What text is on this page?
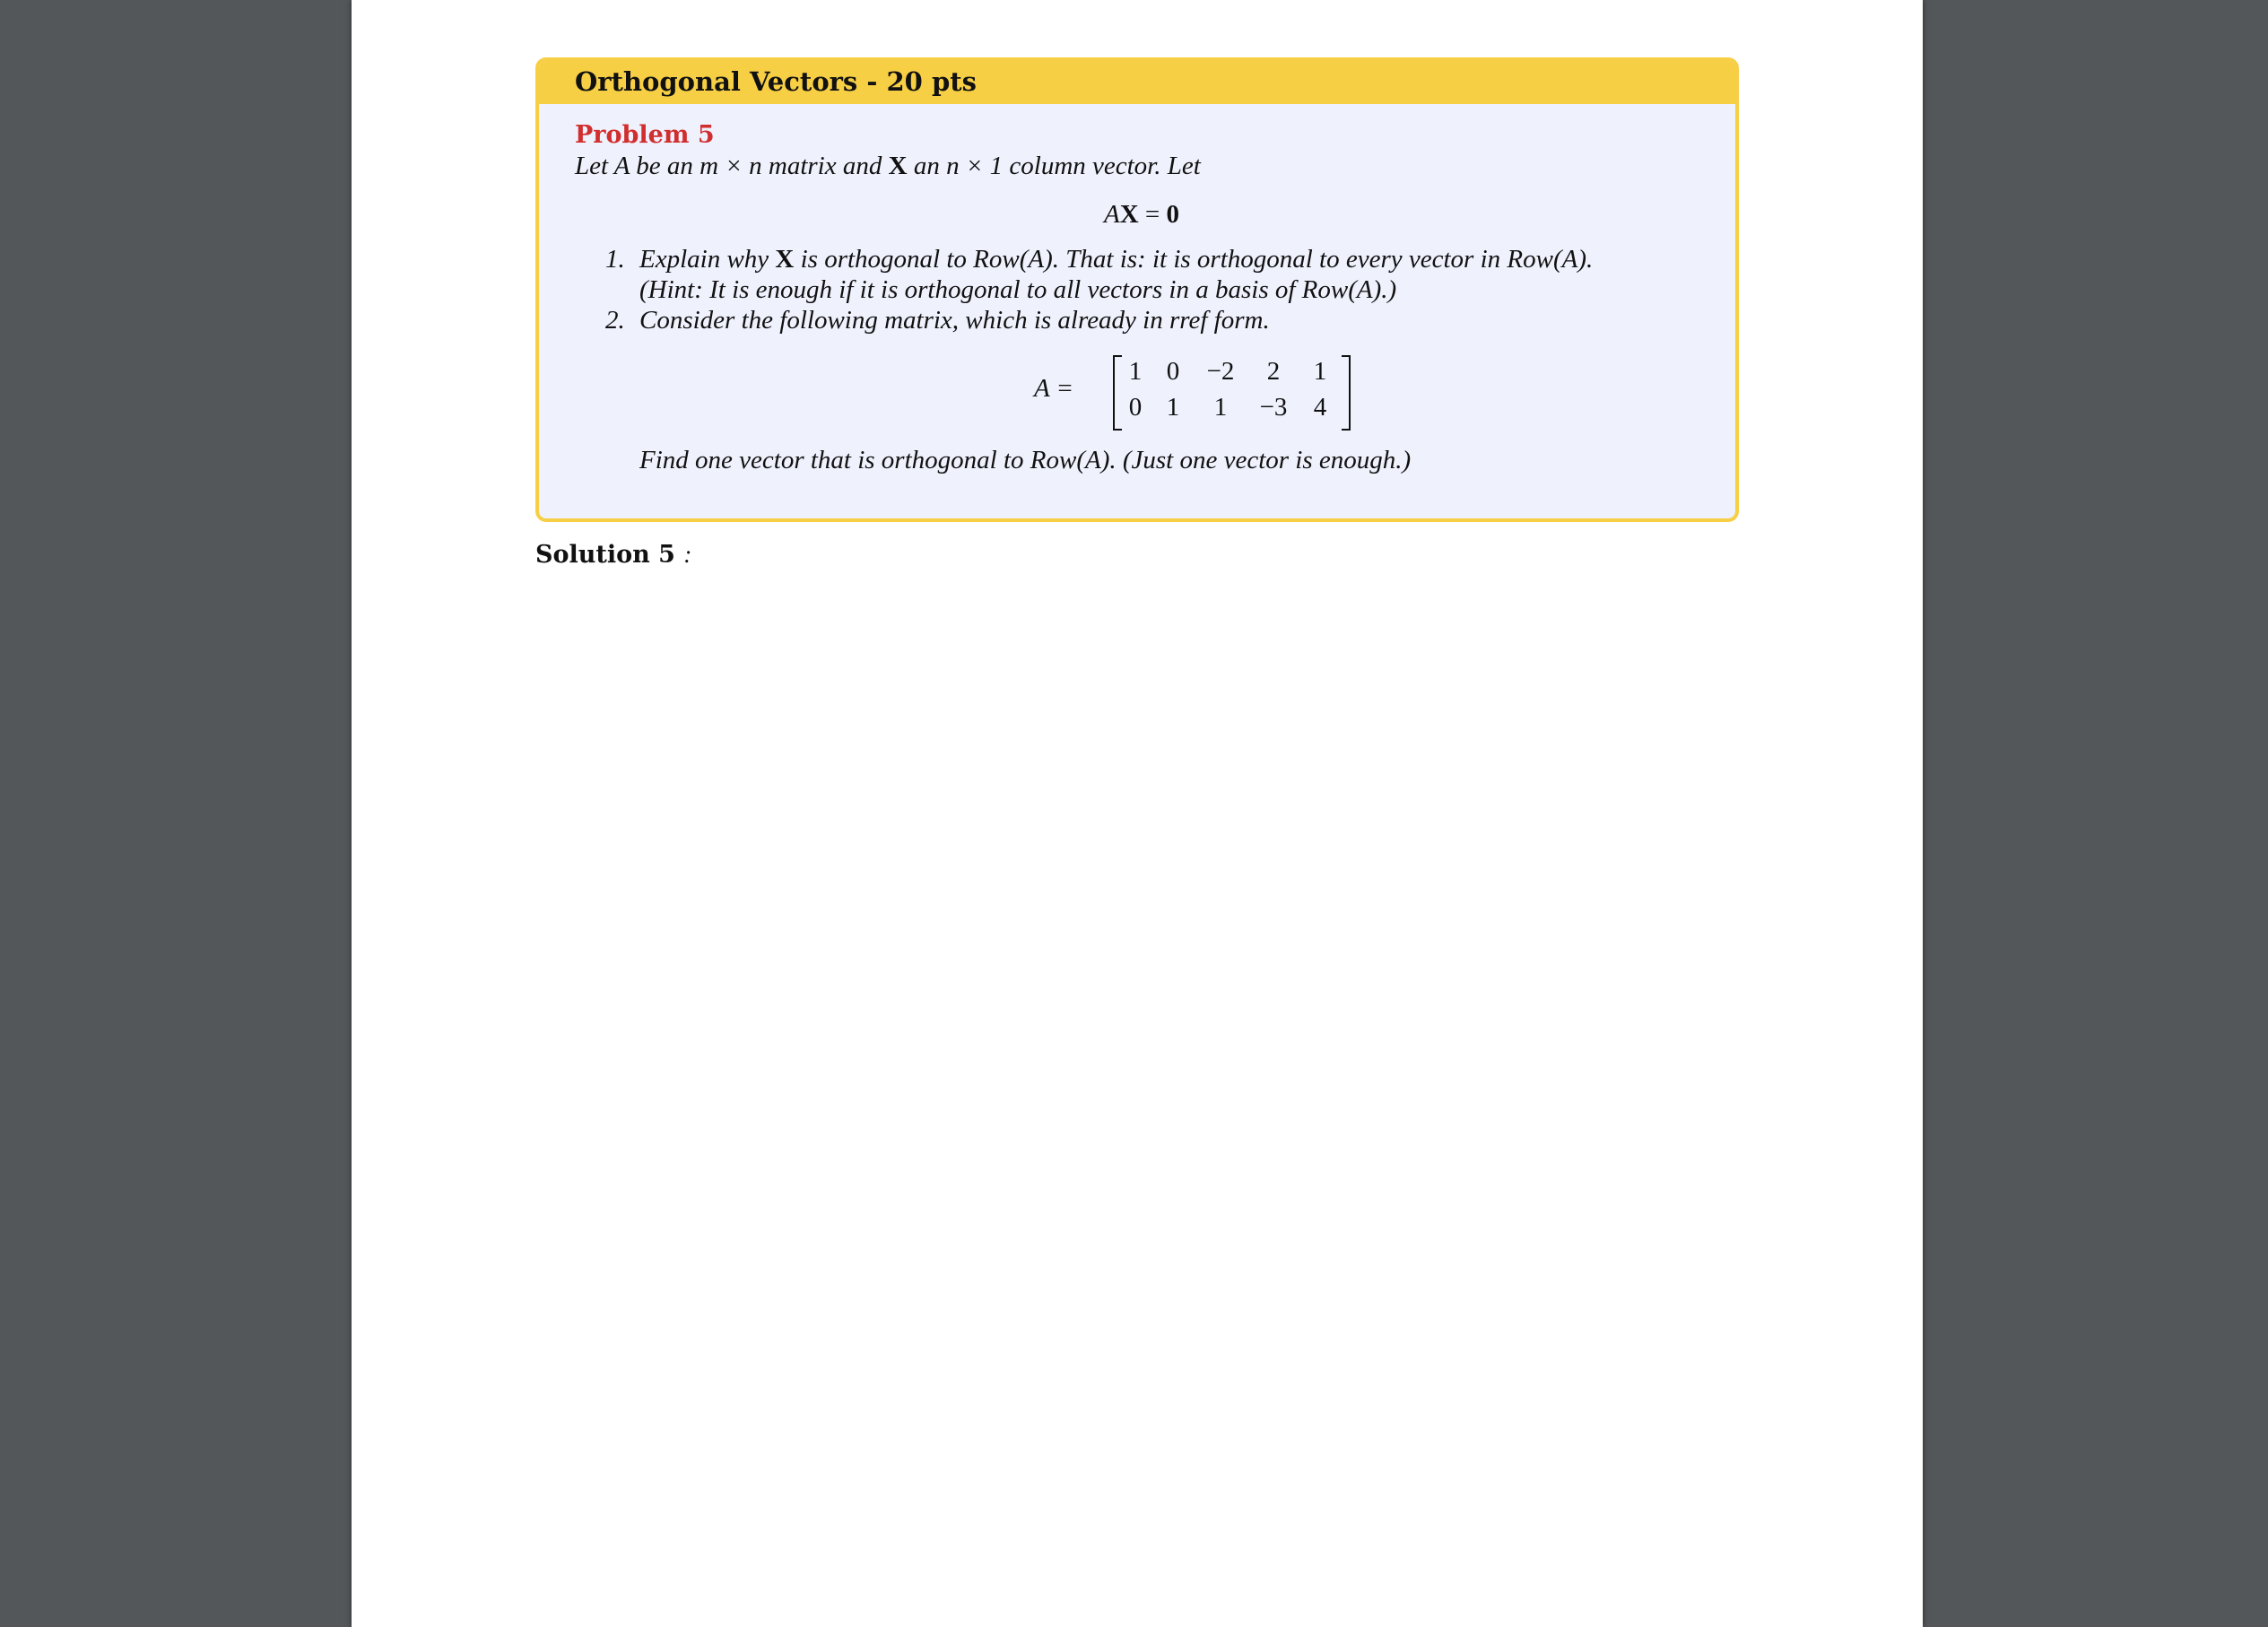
Orthogonal Vectors - 20 pts
Problem 5
Let A be an m × n matrix and X an n × 1 column vector. Let
AX = 0
1. Explain why X is orthogonal to Row(A). That is: it is orthogonal to every vector in Row(A).
(Hint: It is enough if it is orthogonal to all vectors in a basis of Row(A).)
2. Consider the following matrix, which is already in rref form.
A =
1 0	−2	2	1
0 1	1	−3	4
Find one vector that is orthogonal to Row(A). (Just one vector is enough.)
Solution 5 :
